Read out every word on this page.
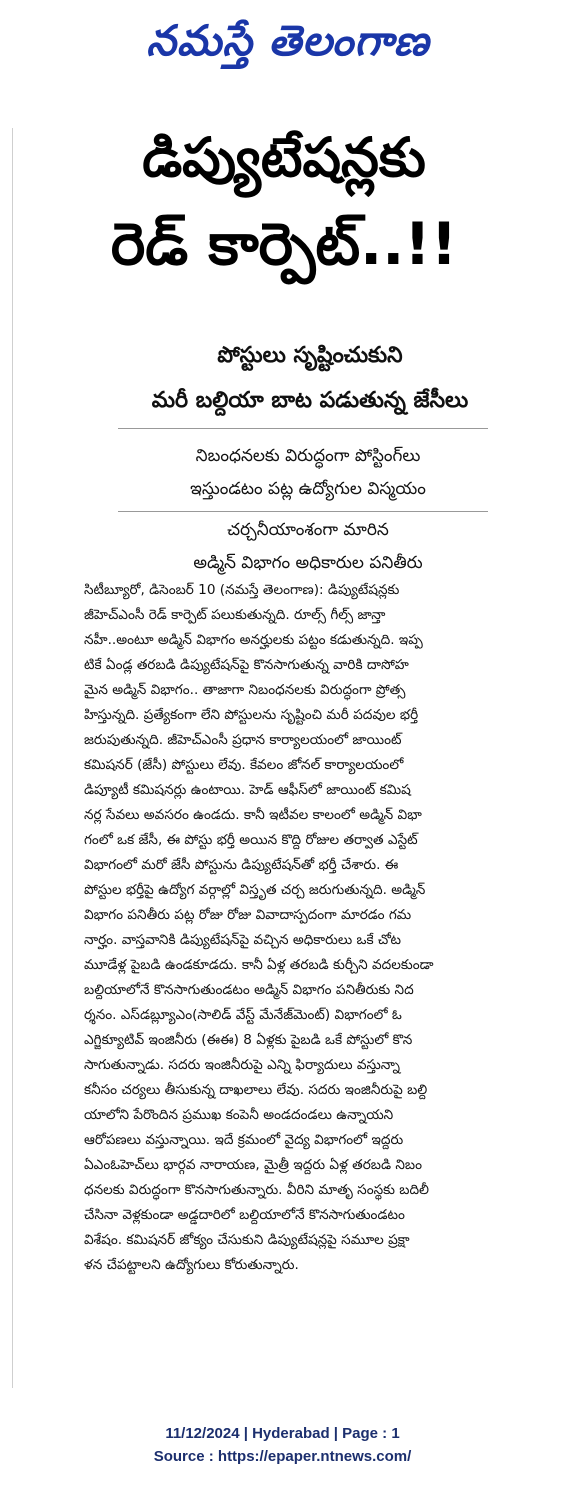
నమస్తే తెలంగాణ
డిప్యుటేషన్లకు
రెడ్ కార్పెట్..!!
పోస్టులు సృష్టించుకుని
మరీ బల్దియా బాట పడుతున్న జేసీలు
నిబంధనలకు విరుద్ధంగా పోస్టింగ్‌లు
ఇస్తుండటం పట్ల ఉద్యోగుల విస్మయం
చర్చనీయాంశంగా మారిన
అడ్మిన్ విభాగం అధికారుల పనితీరు
సిటీబ్యూరో, డిసెంబర్ 10 (నమస్తే తెలంగాణ): డిప్యుటేషన్లకు
జీహెచ్ఎంసీ రెడ్ కార్పెట్ పలుకుతున్నది. రూల్స్ గీల్స్ జాన్తా
నహీ..అంటూ అడ్మిన్ విభాగం అనర్హులకు పట్టం కడుతున్నది. ఇప్ప
టికే ఏండ్ల తరబడి డిప్యుటేషన్‌పై కొనసాగుతున్న వారికి దాసోహ
మైన అడ్మిన్ విభాగం.. తాజాగా నిబంధనలకు విరుద్ధంగా ప్రోత్స
హిస్తున్నది. ప్రత్యేకంగా లేని పోస్టులను సృష్టించి మరీ పదవుల భర్తీ
జరుపుతున్నది. జీహెచ్ఎంసీ ప్రధాన కార్యాలయంలో జాయింట్
కమిషనర్ (జేసీ) పోస్టులు లేవు. కేవలం జోనల్ కార్యాలయంలో
డిప్యూటీ కమిషనర్లు ఉంటాయి. హెడ్ ఆఫీస్‌లో జాయింట్ కమిష
నర్ల సేవలు అవసరం ఉండదు. కానీ ఇటీవల కాలంలో అడ్మిన్ విభా
గంలో ఒక జేసీ, ఈ పోస్టు భర్తీ అయిన కొద్ది రోజుల తర్వాత ఎస్టేట్
విభాగంలో మరో జేసీ పోస్టును డిప్యుటేషన్‌తో భర్తీ చేశారు. ఈ
పోస్టుల భర్తీపై ఉద్యోగ వర్గాల్లో విస్తృత చర్చ జరుగుతున్నది. అడ్మిన్
విభాగం పనితీరు పట్ల రోజు రోజు వివాదాస్పదంగా మారడం గమ
నార్హం. వాస్తవానికి డిప్యుటేషన్‌పై వచ్చిన అధికారులు ఒకే చోట
మూడేళ్ల పైబడి ఉండకూడదు. కానీ ఏళ్ల తరబడి కుర్చీని వదలకుండా
బల్దియాలోనే కొనసాగుతుండటం అడ్మిన్ విభాగం పనితీరుకు నిద
ర్శనం. ఎస్‌డబ్ల్యూఎం(సాలిడ్ వేస్ట్ మేనేజ్‌మెంట్) విభాగంలో ఓ
ఎగ్జిక్యూటివ్ ఇంజినీరు (ఈఈ) 8 ఏళ్లకు పైబడి ఒకే పోస్టులో కొన
సాగుతున్నాడు. సదరు ఇంజినీరుపై ఎన్ని ఫిర్యాదులు వస్తున్నా
కనీసం చర్యలు తీసుకున్న దాఖలాలు లేవు. సదరు ఇంజినీరుపై బల్ది
యాలోని పేరొందిన ప్రముఖ కంపెనీ అండదండలు ఉన్నాయని
ఆరోపణలు వస్తున్నాయి. ఇదే క్రమంలో వైద్య విభాగంలో ఇద్దరు
ఏఎంఓహెచ్‌లు భార్గవ నారాయణ, మైత్రీ ఇద్దరు ఏళ్ల తరబడి నిబం
ధనలకు విరుద్ధంగా కొనసాగుతున్నారు. వీరిని మాతృ సంస్థకు బదిలీ
చేసినా వెళ్లకుండా అడ్డదారిలో బల్దియాలోనే కొనసాగుతుండటం
విశేషం. కమిషనర్ జోక్యం చేసుకుని డిప్యుటేషన్లపై సమూల ప్రక్షా
ళన చేపట్టాలని ఉద్యోగులు కోరుతున్నారు.
11/12/2024 | Hyderabad | Page : 1
Source : https://epaper.ntnews.com/
